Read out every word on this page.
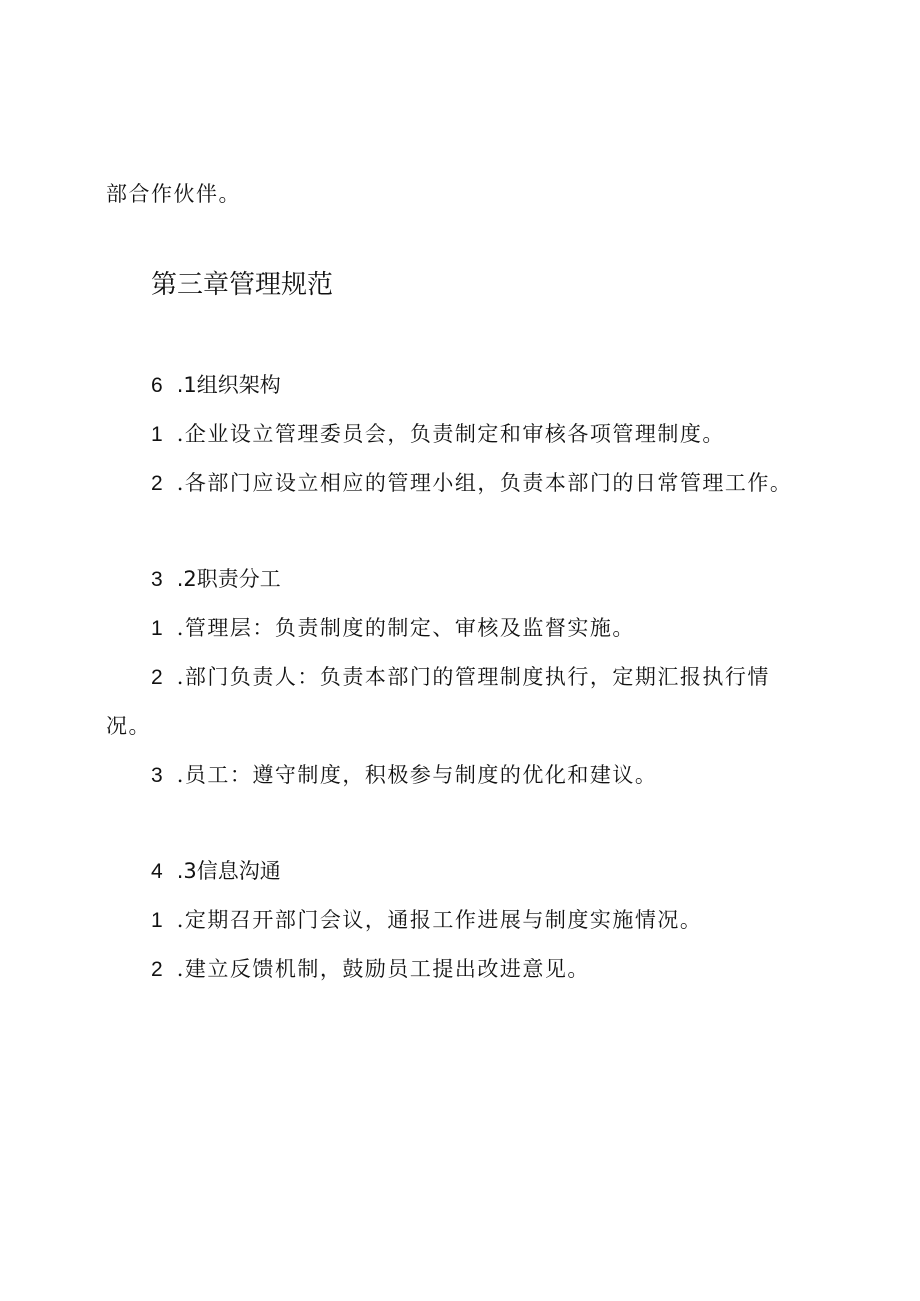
部合作伙伴。
第三章管理规范
6 .1组织架构
1 .企业设立管理委员会，负责制定和审核各项管理制度。
2 .各部门应设立相应的管理小组，负责本部门的日常管理工作。
3 .2职责分工
1 .管理层：负责制度的制定、审核及监督实施。
2 .部门负责人：负责本部门的管理制度执行，定期汇报执行情
况。
3 .员工：遵守制度，积极参与制度的优化和建议。
4 .3信息沟通
1 .定期召开部门会议，通报工作进展与制度实施情况。
2 .建立反馈机制，鼓励员工提出改进意见。
